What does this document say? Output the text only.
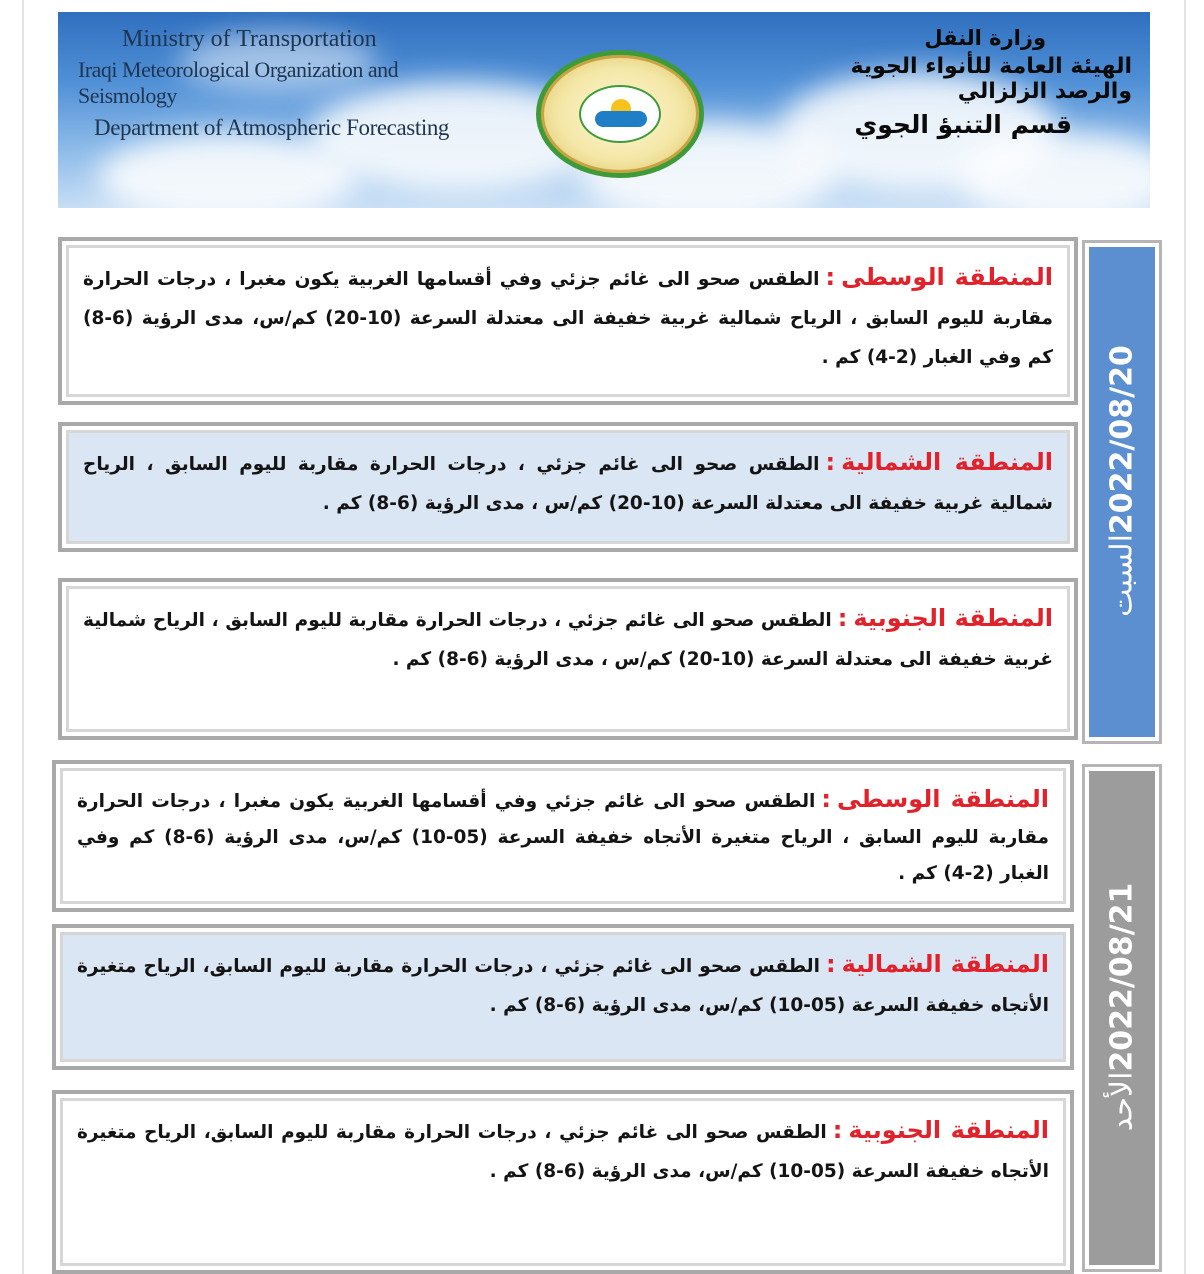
Ministry of Transportation
Iraqi Meteorological Organization and Seismology
Department of Atmospheric Forecasting
وزارة النقل
الهيئة العامة للأنواء الجوية والرصد الزلزالي
قسم التنبؤ الجوي
2022/08/20السبت
المنطقة الوسطى:الطقس صحو الى غائم جزئي وفي أقسامها الغربية يكون مغبرا ، درجات الحرارة مقاربة لليوم السابق ، الرياح شمالية غربية خفيفة الى معتدلة السرعة (10-20) كم/س، مدى الرؤية (6-8) كم وفي الغبار (2-4) كم .
المنطقة الشمالية:الطقس صحو الى غائم جزئي ، درجات الحرارة مقاربة لليوم السابق ، الرياح شمالية غربية خفيفة الى معتدلة السرعة (10-20) كم/س ، مدى الرؤية (6-8) كم .
المنطقة الجنوبية:الطقس صحو الى غائم جزئي ، درجات الحرارة مقاربة لليوم السابق ، الرياح شمالية غربية خفيفة الى معتدلة السرعة (10-20) كم/س ، مدى الرؤية (6-8) كم .
2022/08/21الأحد
المنطقة الوسطى:الطقس صحو الى غائم جزئي وفي أقسامها الغربية يكون مغبرا ، درجات الحرارة مقاربة لليوم السابق ، الرياح متغيرة الأتجاه خفيفة السرعة (05-10) كم/س، مدى الرؤية (6-8) كم وفي الغبار (2-4) كم .
المنطقة الشمالية:الطقس صحو الى غائم جزئي ، درجات الحرارة مقاربة لليوم السابق، الرياح متغيرة الأتجاه خفيفة السرعة (05-10) كم/س، مدى الرؤية (6-8) كم .
المنطقة الجنوبية:الطقس صحو الى غائم جزئي ، درجات الحرارة مقاربة لليوم السابق، الرياح متغيرة الأتجاه خفيفة السرعة (05-10) كم/س، مدى الرؤية (6-8) كم .
